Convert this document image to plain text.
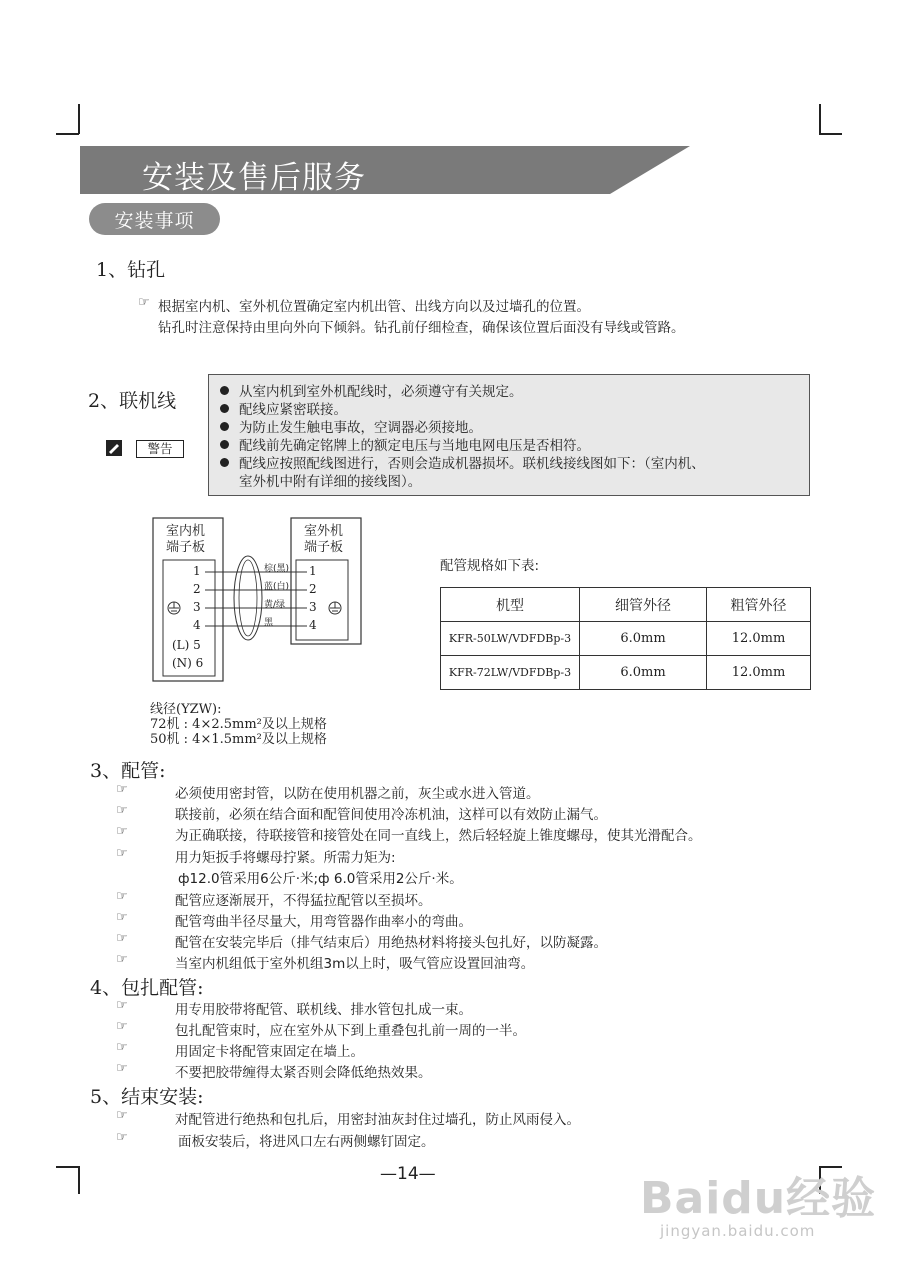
安装及售后服务
安装事项
1、钻孔
☞ 根据室内机、室外机位置确定室内机出管、出线方向以及过墙孔的位置。
钻孔时注意保持由里向外向下倾斜。钻孔前仔细检查，确保该位置后面没有导线或管路。
2、联机线
警告
从室内机到室外机配线时，必须遵守有关规定。
配线应紧密联接。
为防止发生触电事故，空调器必须接地。
配线前先确定铭牌上的额定电压与当地电网电压是否相符。
配线应按照配线图进行，否则会造成机器损坏。联机线接线图如下：（室内机、
室外机中附有详细的接线图）。
室内机
端子板
室外机
端子板
1
2
3
4
(L) 5
(N) 6
1
2
3
4
棕(黑)
蓝(白)
黄/绿
黑
线径(YZW):
72机 : 4×2.5mm²及以上规格
50机 : 4×1.5mm²及以上规格
配管规格如下表:
机型	细管外径	粗管外径
KFR-50LW/VDFDBp-3	6.0mm	12.0mm
KFR-72LW/VDFDBp-3	6.0mm	12.0mm
3、配管:
☞	必须使用密封管，以防在使用机器之前，灰尘或水进入管道。
☞	联接前，必须在结合面和配管间使用冷冻机油，这样可以有效防止漏气。
☞	为正确联接，待联接管和接管处在同一直线上，然后轻轻旋上锥度螺母，使其光滑配合。
☞	用力矩扳手将螺母拧紧。所需力矩为:
ф12.0管采用6公斤·米;ф 6.0管采用2公斤·米。
☞	配管应逐渐展开，不得猛拉配管以至损坏。
☞	配管弯曲半径尽量大，用弯管器作曲率小的弯曲。
☞	配管在安装完毕后（排气结束后）用绝热材料将接头包扎好，以防凝露。
☞	当室内机组低于室外机组3m以上时，吸气管应设置回油弯。
4、包扎配管:
☞	用专用胶带将配管、联机线、排水管包扎成一束。
☞	包扎配管束时，应在室外从下到上重叠包扎前一周的一半。
☞	用固定卡将配管束固定在墙上。
☞	不要把胶带缠得太紧否则会降低绝热效果。
5、结束安装:
☞	对配管进行绝热和包扎后，用密封油灰封住过墙孔，防止风雨侵入。
☞	面板安装后，将进风口左右两侧螺钉固定。
—14—	Baidu经验
jingyan.baidu.com
